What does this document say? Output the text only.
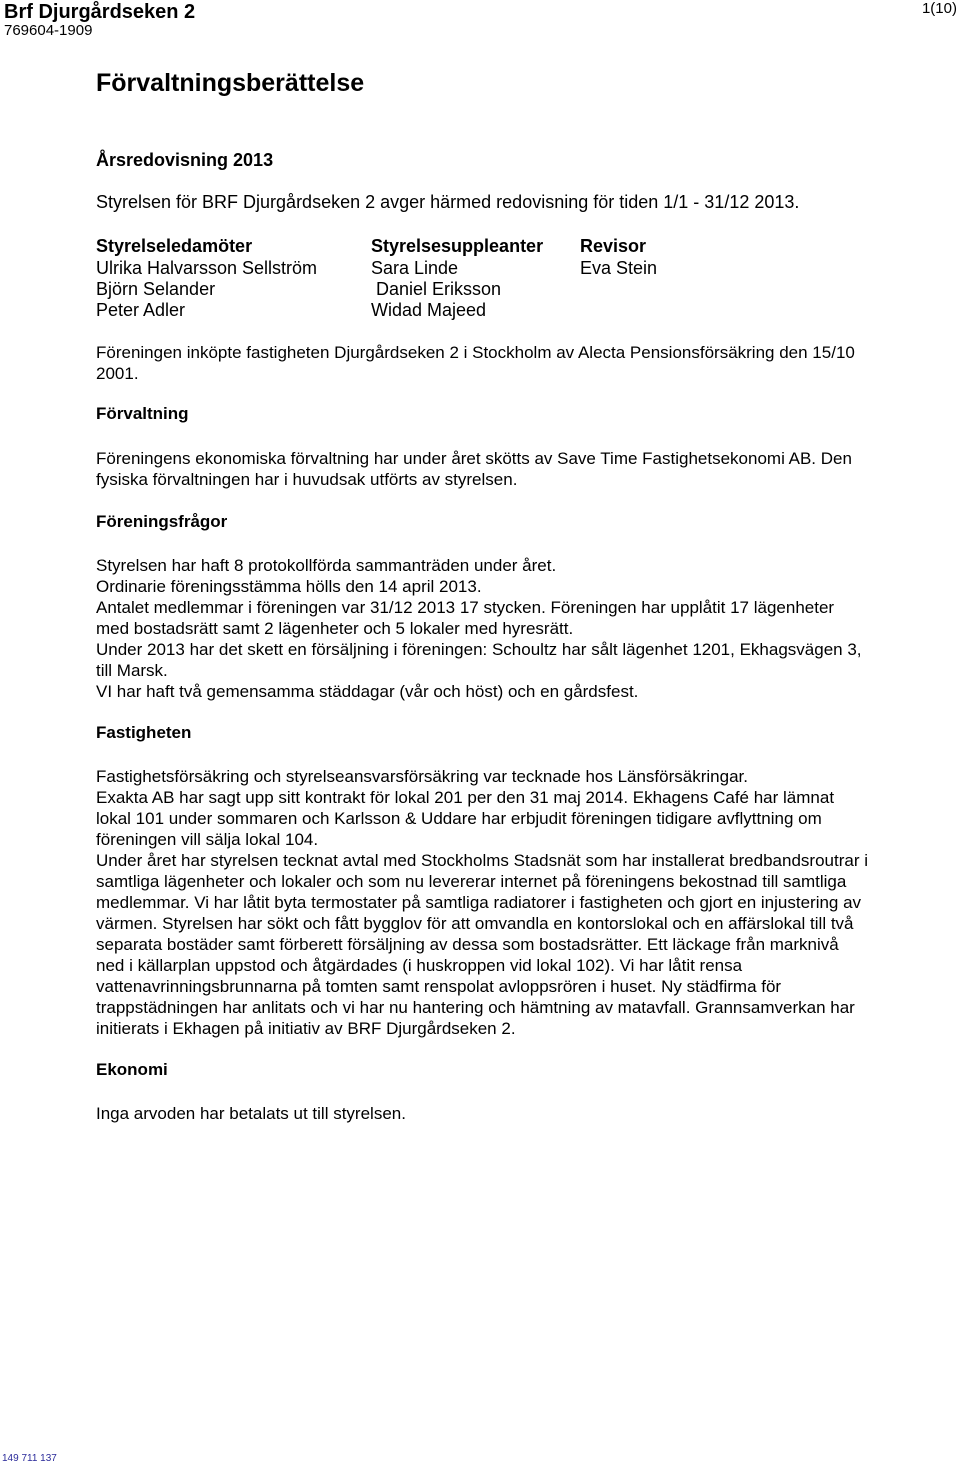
Brf Djurgårdseken 2
769604-1909
1(10)
Förvaltningsberättelse
Årsredovisning 2013
Styrelsen för BRF Djurgårdseken 2 avger härmed redovisning för tiden 1/1 - 31/12 2013.
Styrelseledamöter	Styrelsesuppleanter Revisor
Ulrika Halvarsson Sellström
Björn Selander
Peter Adler
Sara Linde
Daniel Eriksson
Widad Majeed
Eva Stein

Föreningen inköpte fastigheten Djurgårdseken 2 i Stockholm av Alecta Pensionsförsäkring den 15/10
2001.

Förvaltning

Föreningens ekonomiska förvaltning har under året skötts av Save Time Fastighetsekonomi AB. Den
fysiska förvaltningen har i huvudsak utförts av styrelsen.

Föreningsfrågor

Styrelsen har haft 8 protokollförda sammanträden under året.
Ordinarie föreningsstämma hölls den 14 april 2013.
Antalet medlemmar i föreningen var 31/12 2013 17 stycken. Föreningen har upplåtit 17 lägenheter
med bostadsrätt samt 2 lägenheter och 5 lokaler med hyresrätt.
Under 2013 har det skett en försäljning i föreningen: Schoultz har sålt lägenhet 1201, Ekhagsvägen 3,
till Marsk.
VI har haft två gemensamma städdagar (vår och höst) och en gårdsfest.

Fastigheten

Fastighetsförsäkring och styrelseansvarsförsäkring var tecknade hos Länsförsäkringar.
Exakta AB har sagt upp sitt kontrakt för lokal 201 per den 31 maj 2014. Ekhagens Café har lämnat
lokal 101 under sommaren och Karlsson & Uddare har erbjudit föreningen tidigare avflyttning om
föreningen vill sälja lokal 104.
Under året har styrelsen tecknat avtal med Stockholms Stadsnät som har installerat bredbandsroutrar i
samtliga lägenheter och lokaler och som nu levererar internet på föreningens bekostnad till samtliga
medlemmar. Vi har låtit byta termostater på samtliga radiatorer i fastigheten och gjort en injustering av
värmen. Styrelsen har sökt och fått bygglov för att omvandla en kontorslokal och en affärslokal till två
separata bostäder samt förberett försäljning av dessa som bostadsrätter. Ett läckage från marknivå
ned i källarplan uppstod och åtgärdades (i huskroppen vid lokal 102). Vi har låtit rensa
vattenavrinningsbrunnarna på tomten samt renspolat avloppsrören i huset. Ny städfirma för
trappstädningen har anlitats och vi har nu hantering och hämtning av matavfall. Grannsamverkan har
initierats i Ekhagen på initiativ av BRF Djurgårdseken 2.

Ekonomi

Inga arvoden har betalats ut till styrelsen.

149 711 137
